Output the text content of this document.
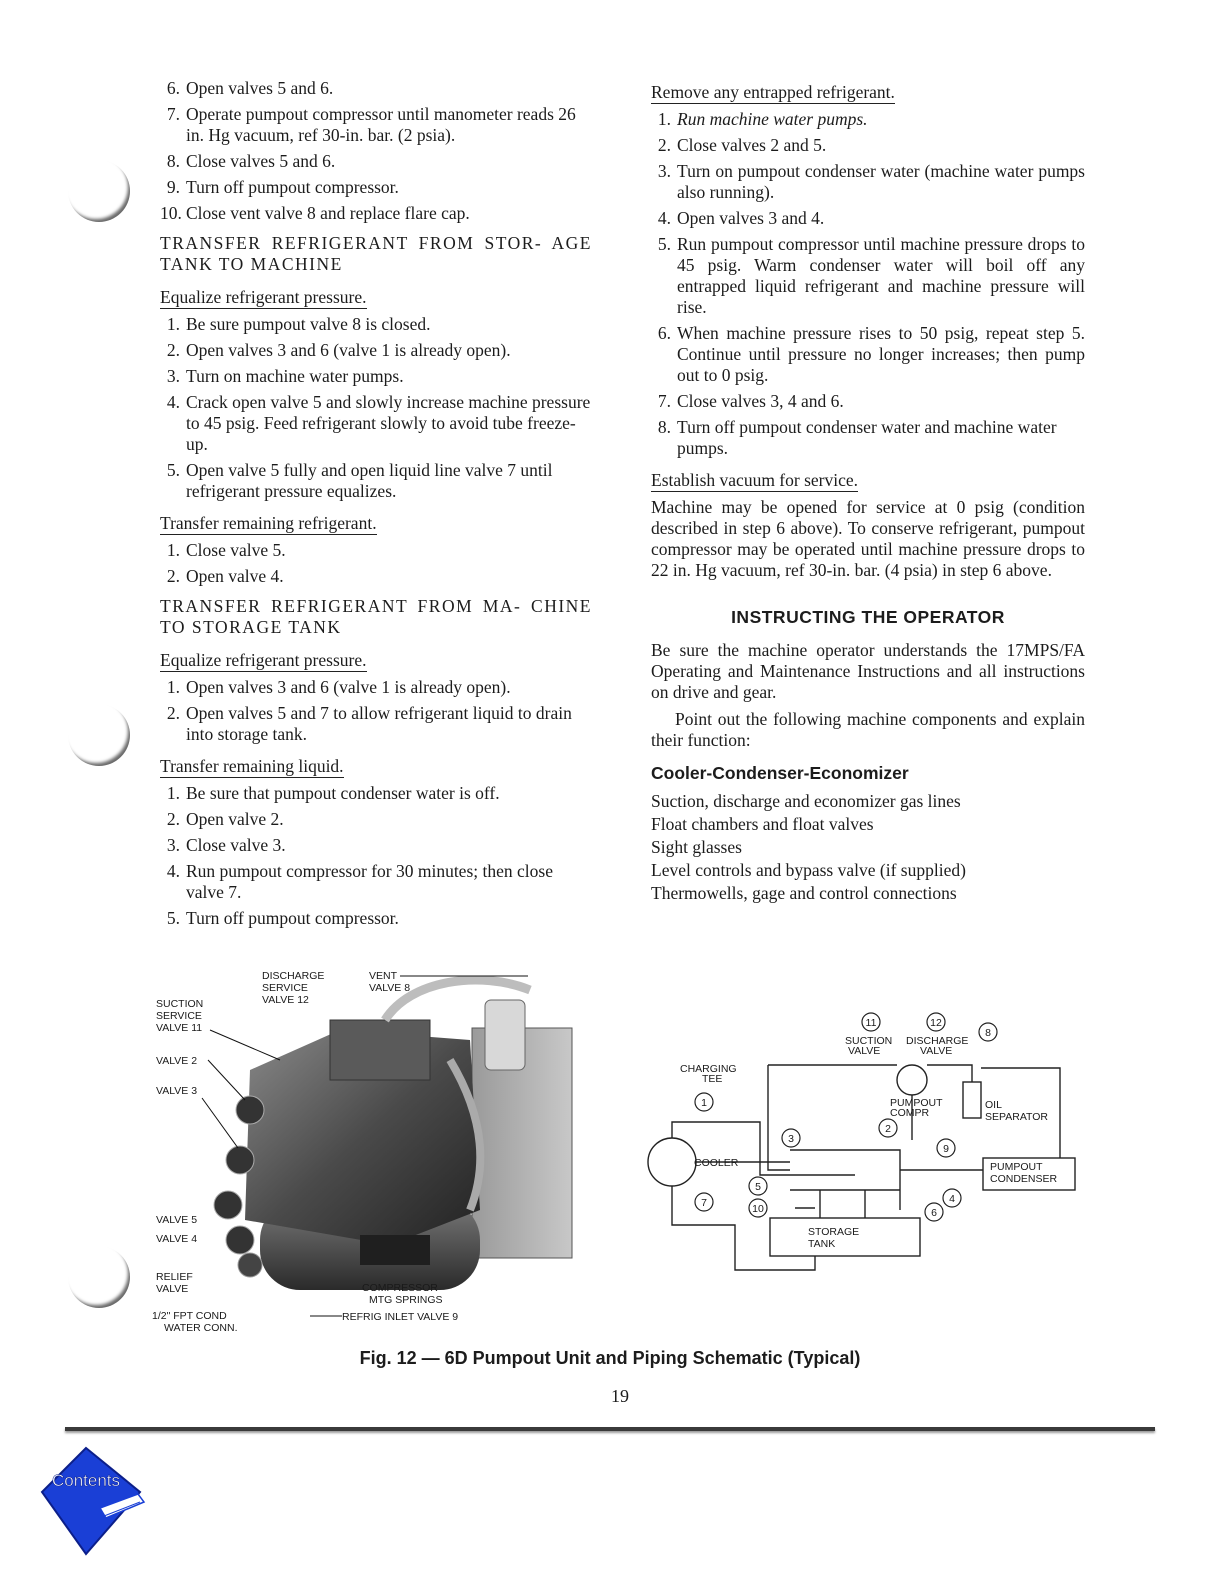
6. Open valves 5 and 6.
7. Operate pumpout compressor until manometer reads 26 in. Hg vacuum, ref 30-in. bar. (2 psia).
8. Close valves 5 and 6.
9. Turn off pumpout compressor.
10. Close vent valve 8 and replace flare cap.
TRANSFER REFRIGERANT FROM STOR- AGE TANK TO MACHINE
Equalize refrigerant pressure.
1. Be sure pumpout valve 8 is closed.
2. Open valves 3 and 6 (valve 1 is already open).
3. Turn on machine water pumps.
4. Crack open valve 5 and slowly increase machine pressure to 45 psig. Feed refrigerant slowly to avoid tube freeze-up.
5. Open valve 5 fully and open liquid line valve 7 until refrigerant pressure equalizes.
Transfer remaining refrigerant.
1. Close valve 5.
2. Open valve 4.
TRANSFER REFRIGERANT FROM MA- CHINE TO STORAGE TANK
Equalize refrigerant pressure.
1. Open valves 3 and 6 (valve 1 is already open).
2. Open valves 5 and 7 to allow refrigerant liquid to drain into storage tank.
Transfer remaining liquid.
1. Be sure that pumpout condenser water is off.
2. Open valve 2.
3. Close valve 3.
4. Run pumpout compressor for 30 minutes; then close valve 7.
5. Turn off pumpout compressor.
Remove any entrapped refrigerant.
1. Run machine water pumps.
2. Close valves 2 and 5.
3. Turn on pumpout condenser water (machine water pumps also running).
4. Open valves 3 and 4.
5. Run pumpout compressor until machine pressure drops to 45 psig. Warm condenser water will boil off any entrapped liquid refrigerant and machine pressure will rise.
6. When machine pressure rises to 50 psig, repeat step 5. Continue until pressure no longer increases; then pump out to 0 psig.
7. Close valves 3, 4 and 6.
8. Turn off pumpout condenser water and machine water pumps.
Establish vacuum for service.

Machine may be opened for service at 0 psig (condition described in step 6 above). To conserve refrigerant, pumpout compressor may be operated until machine pressure drops to 22 in. Hg vacuum, ref 30-in. bar. (4 psia) in step 6 above.

INSTRUCTING THE OPERATOR

Be sure the machine operator understands the 17MPS/FA Operating and Maintenance Instructions and all instructions on drive and gear.

Point out the following machine components and explain their function:

Cooler-Condenser-Economizer
Suction, discharge and economizer gas lines
Float chambers and float valves
Sight glasses
Level controls and bypass valve (if supplied)
Thermowells, gage and control connections
DISCHARGE
SERVICE
VALVE 12
VENT
VALVE 8
SUCTION
SERVICE
VALVE 11
VALVE 2
VALVE 3
VALVE 5
VALVE 4
RELIEF
VALVE
1/2" FPT COND
WATER CONN.
COMPRESSOR
MTG SPRINGS
REFRIG INLET VALVE 9
1
2
3
4
5
6
7
8
9
10
11	12
SUCTION
VALVE
DISCHARGE
VALVE
CHARGING
TEE
PUMPOUT
COMPR
OIL
SEPARATOR
COOLER	PUMPOUT
CONDENSER
STORAGE
TANK
Fig. 12 — 6D Pumpout Unit and Piping Schematic (Typical)
19
Contents
